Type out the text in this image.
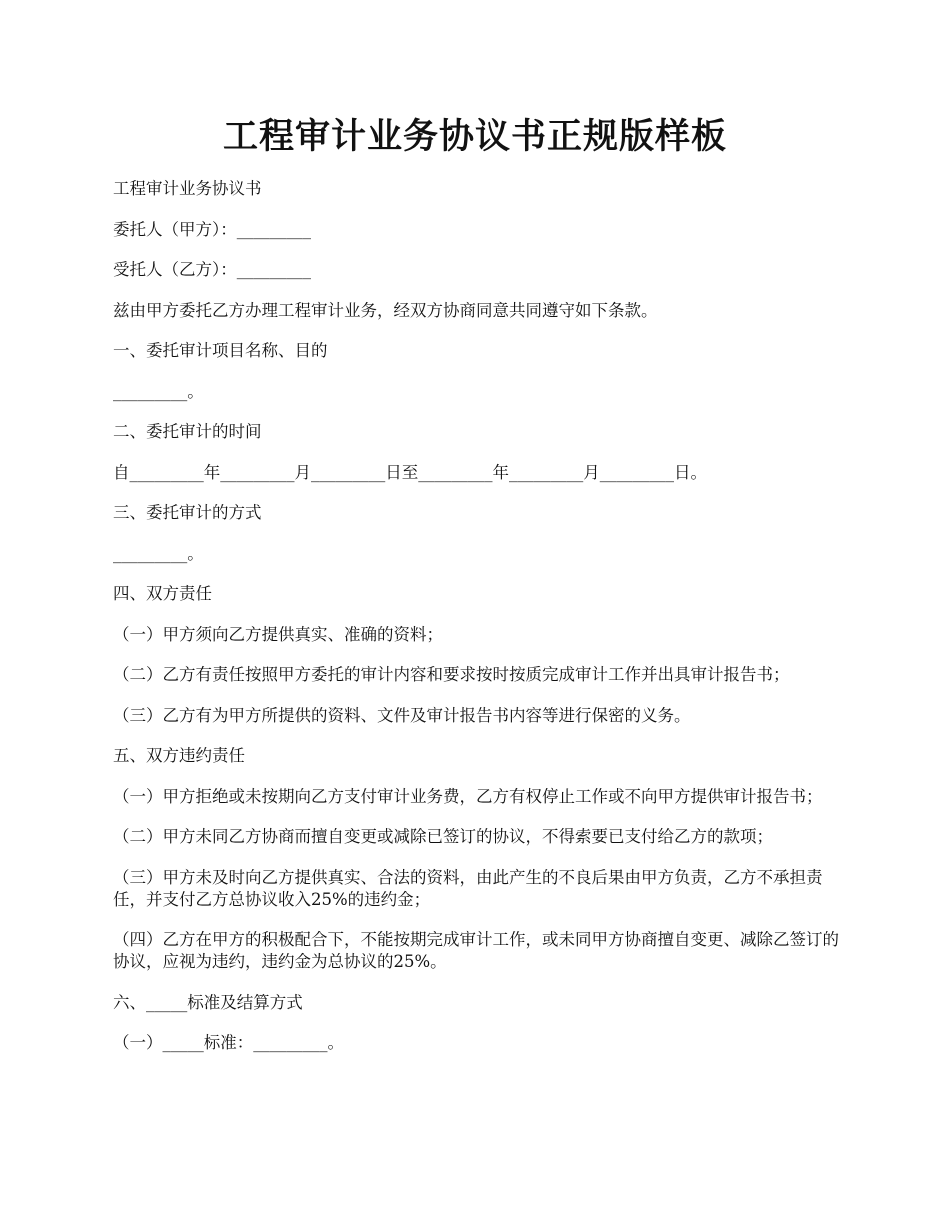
工程审计业务协议书正规版样板

工程审计业务协议书

委托人（甲方）：_________

受托人（乙方）：_________

兹由甲方委托乙方办理工程审计业务，经双方协商同意共同遵守如下条款。

一、委托审计项目名称、目的

_________。

二、委托审计的时间

自_________年_________月_________日至_________年_________月_________日。

三、委托审计的方式

_________。

四、双方责任

（一）甲方须向乙方提供真实、准确的资料；

（二）乙方有责任按照甲方委托的审计内容和要求按时按质完成审计工作并出具审计报告书；

（三）乙方有为甲方所提供的资料、文件及审计报告书内容等进行保密的义务。

五、双方违约责任

（一）甲方拒绝或未按期向乙方支付审计业务费，乙方有权停止工作或不向甲方提供审计报告书；

（二）甲方未同乙方协商而擅自变更或减除已签订的协议，不得索要已支付给乙方的款项；

（三）甲方未及时向乙方提供真实、合法的资料，由此产生的不良后果由甲方负责，乙方不承担责任，并支付乙方总协议收入25%的违约金；

（四）乙方在甲方的积极配合下，不能按期完成审计工作，或未同甲方协商擅自变更、减除乙签订的协议，应视为违约，违约金为总协议的25%。

六、_____标准及结算方式

（一）_____标准：_________。
